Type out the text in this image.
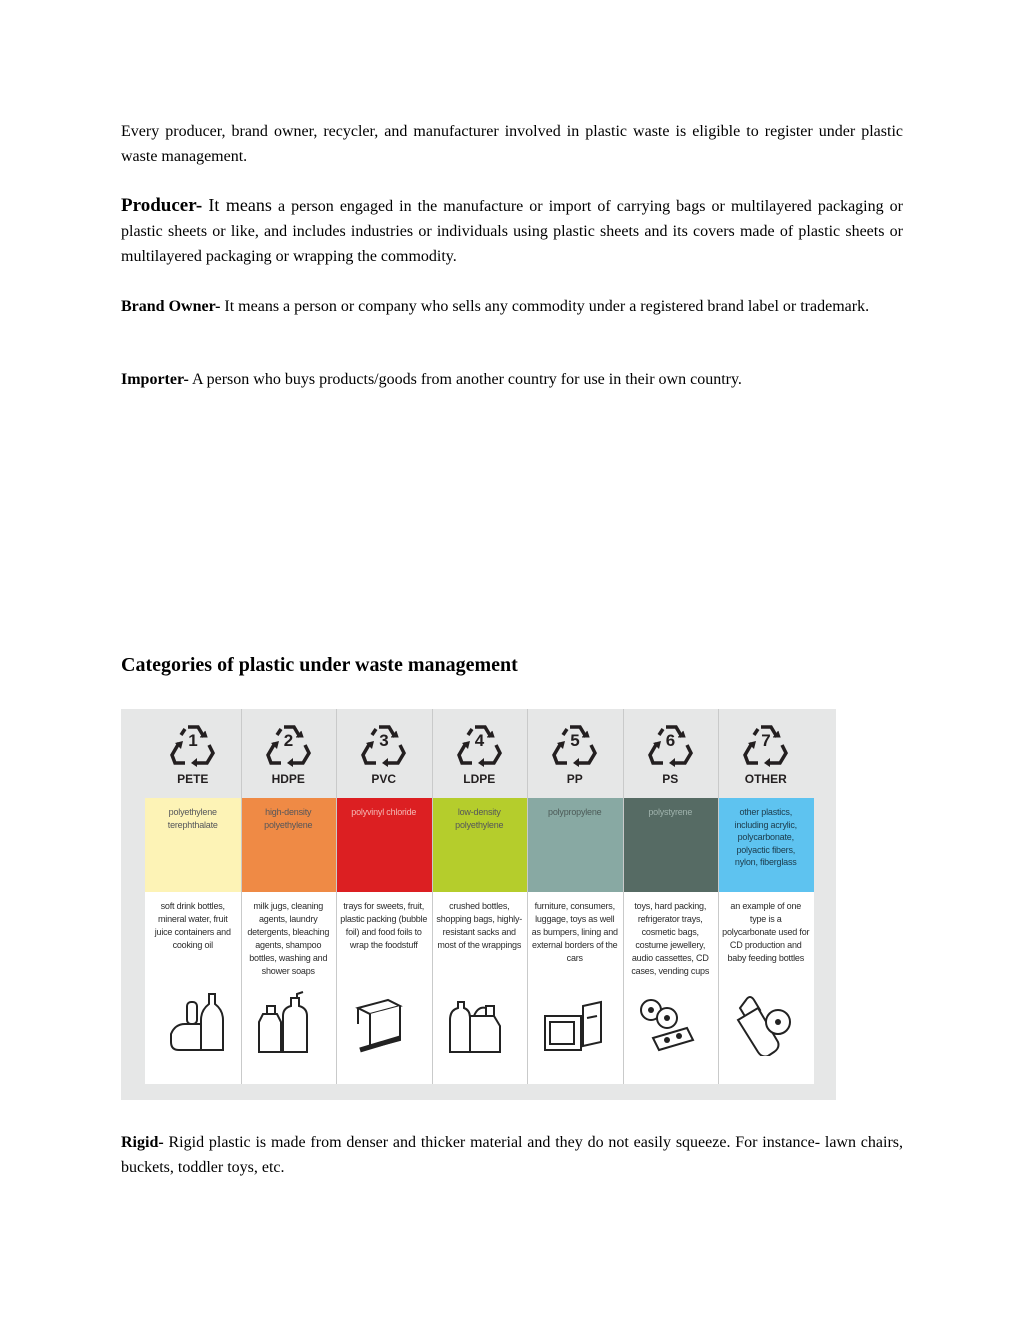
Every producer, brand owner, recycler, and manufacturer involved in plastic waste is eligible to register under plastic waste management.

Producer- It means a person engaged in the manufacture or import of carrying bags or multilayered packaging or plastic sheets or like, and includes industries or individuals using plastic sheets and its covers made of plastic sheets or multilayered packaging or wrapping the commodity.

Brand Owner- It means a person or company who sells any commodity under a registered brand label or trademark.

Importer- A person who buys products/goods from another country for use in their own country.

Categories of plastic under waste management
1
PETE
polyethylene terephthalate
soft drink bottles, mineral water, fruit juice containers and cooking oil
2
HDPE
high-density polyethylene
milk jugs, cleaning agents, laundry detergents, bleaching agents, shampoo bottles, washing and shower soaps
3
PVC
polyvinyl chloride
trays for sweets, fruit, plastic packing (bubble foil) and food foils to wrap the foodstuff
4
LDPE
low-density polyethylene
crushed bottles, shopping bags, highly-resistant sacks and most of the wrappings
5
PP
polypropylene
furniture, consumers, luggage, toys as well as bumpers, lining and external borders of the cars
6
PS
polystyrene
toys, hard packing, refrigerator trays, cosmetic bags, costume jewellery, audio cassettes, CD cases, vending cups
7
OTHER
other plastics, including acrylic, polycarbonate, polyactic fibers, nylon, fiberglass
an example of one type is a polycarbonate used for CD production and baby feeding bottles

Rigid- Rigid plastic is made from denser and thicker material and they do not easily squeeze. For instance- lawn chairs, buckets, toddler toys, etc.
